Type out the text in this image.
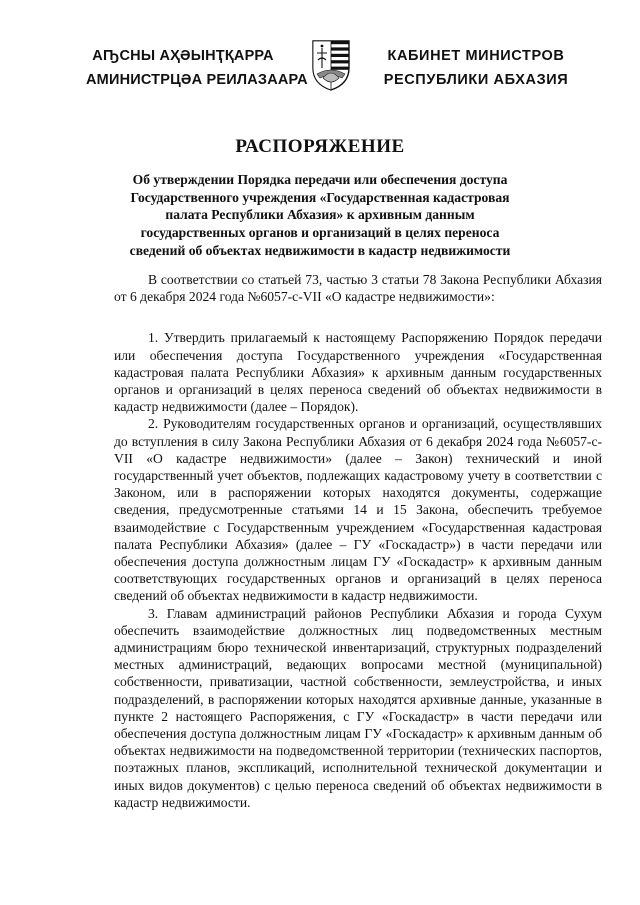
АҦСНЫ АҲӘЫНҬҚАРРА
АМИНИСТРЦӘА РЕИЛАЗААРА
КАБИНЕТ МИНИСТРОВ
РЕСПУБЛИКИ АБХАЗИЯ
РАСПОРЯЖЕНИЕ
Об утверждении Порядка передачи или обеспечения доступа Государственного учреждения «Государственная кадастровая палата Республики Абхазия» к архивным данным государственных органов и организаций в целях переноса сведений об объектах недвижимости в кадастр недвижимости

В соответствии со статьей 73, частью 3 статьи 78 Закона Республики Абхазия от 6 декабря 2024 года №6057-с-VII «О кадастре недвижимости»:

1. Утвердить прилагаемый к настоящему Распоряжению Порядок передачи или обеспечения доступа Государственного учреждения «Государственная кадастровая палата Республики Абхазия» к архивным данным государственных органов и организаций в целях переноса сведений об объектах недвижимости в кадастр недвижимости (далее – Порядок).

2. Руководителям государственных органов и организаций, осуществлявших до вступления в силу Закона Республики Абхазия от 6 декабря 2024 года №6057-с-VII «О кадастре недвижимости» (далее – Закон) технический и иной государственный учет объектов, подлежащих кадастровому учету в соответствии с Законом, или в распоряжении которых находятся документы, содержащие сведения, предусмотренные статьями 14 и 15 Закона, обеспечить требуемое взаимодействие с Государственным учреждением «Государственная кадастровая палата Республики Абхазия» (далее – ГУ «Госкадастр») в части передачи или обеспечения доступа должностным лицам ГУ «Госкадастр» к архивным данным соответствующих государственных органов и организаций в целях переноса сведений об объектах недвижимости в кадастр недвижимости.

3. Главам администраций районов Республики Абхазия и города Сухум обеспечить взаимодействие должностных лиц подведомственных местным администрациям бюро технической инвентаризаций, структурных подразделений местных администраций, ведающих вопросами местной (муниципальной) собственности, приватизации, частной собственности, землеустройства, и иных подразделений, в распоряжении которых находятся архивные данные, указанные в пункте 2 настоящего Распоряжения, с ГУ «Госкадастр» в части передачи или обеспечения доступа должностным лицам ГУ «Госкадастр» к архивным данным об объектах недвижимости на подведомственной территории (технических паспортов, поэтажных планов, экспликаций, исполнительной технической документации и иных видов документов) с целью переноса сведений об объектах недвижимости в кадастр недвижимости.
